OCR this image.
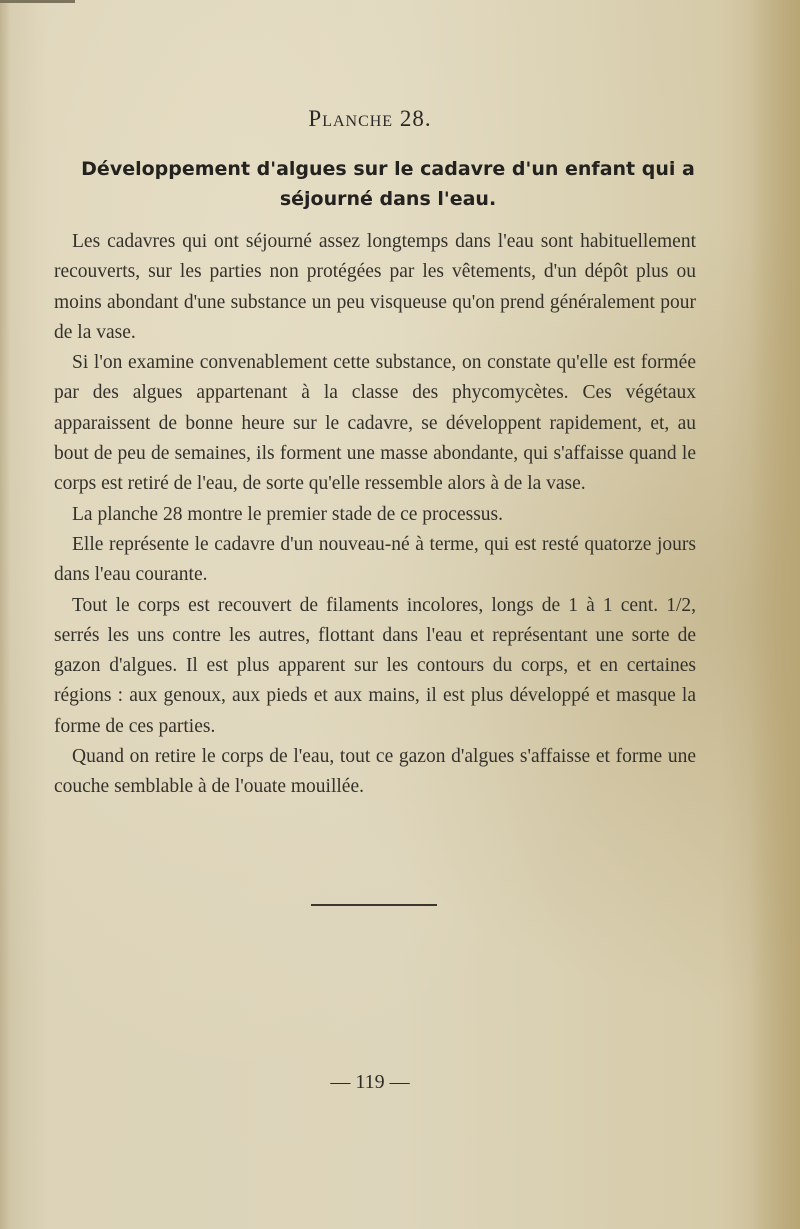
Planche 28.
Développement d'algues sur le cadavre d'un enfant qui a séjourné dans l'eau.

Les cadavres qui ont séjourné assez longtemps dans l'eau sont habituellement recouverts, sur les parties non protégées par les vêtements, d'un dépôt plus ou moins abondant d'une substance un peu visqueuse qu'on prend généralement pour de la vase.

Si l'on examine convenablement cette substance, on constate qu'elle est formée par des algues appartenant à la classe des phycomycètes. Ces végétaux apparaissent de bonne heure sur le cadavre, se développent rapidement, et, au bout de peu de semaines, ils forment une masse abondante, qui s'affaisse quand le corps est retiré de l'eau, de sorte qu'elle ressemble alors à de la vase.

La planche 28 montre le premier stade de ce processus.

Elle représente le cadavre d'un nouveau-né à terme, qui est resté quatorze jours dans l'eau courante.

Tout le corps est recouvert de filaments incolores, longs de 1 à 1 cent. 1/2, serrés les uns contre les autres, flottant dans l'eau et représentant une sorte de gazon d'algues. Il est plus apparent sur les contours du corps, et en certaines régions : aux genoux, aux pieds et aux mains, il est plus développé et masque la forme de ces parties.

Quand on retire le corps de l'eau, tout ce gazon d'algues s'affaisse et forme une couche semblable à de l'ouate mouillée.

— 119 —
